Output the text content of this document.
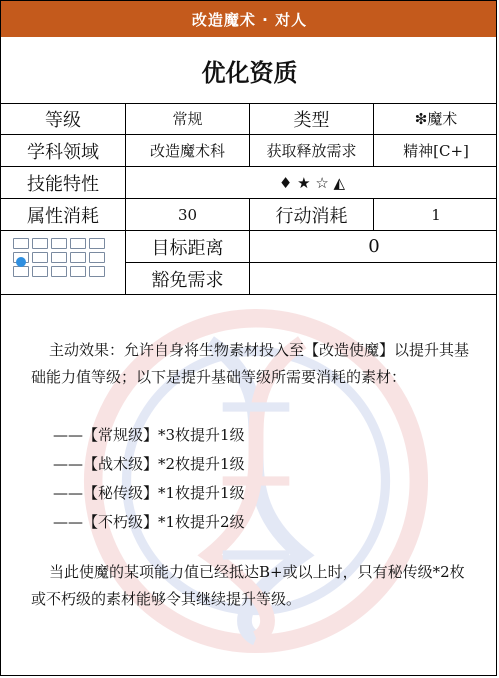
改造魔术 · 对人
优化资质
等级	常规	类型	❇魔术
学科领域	改造魔术科	获取释放需求	精神[C+]
技能特性	♦ ★ ☆ ◭
属性消耗	30	行动消耗	1
目标距离	0
豁免需求
主动效果：允许自身将生物素材投入至【改造使魔】以提升其基础能力值等级；以下是提升基础等级所需要消耗的素材：
——【常规级】*3枚提升1级
——【战术级】*2枚提升1级
——【秘传级】*1枚提升1级
——【不朽级】*1枚提升2级
当此使魔的某项能力值已经抵达B+或以上时，只有秘传级*2枚或不朽级的素材能够令其继续提升等级。
